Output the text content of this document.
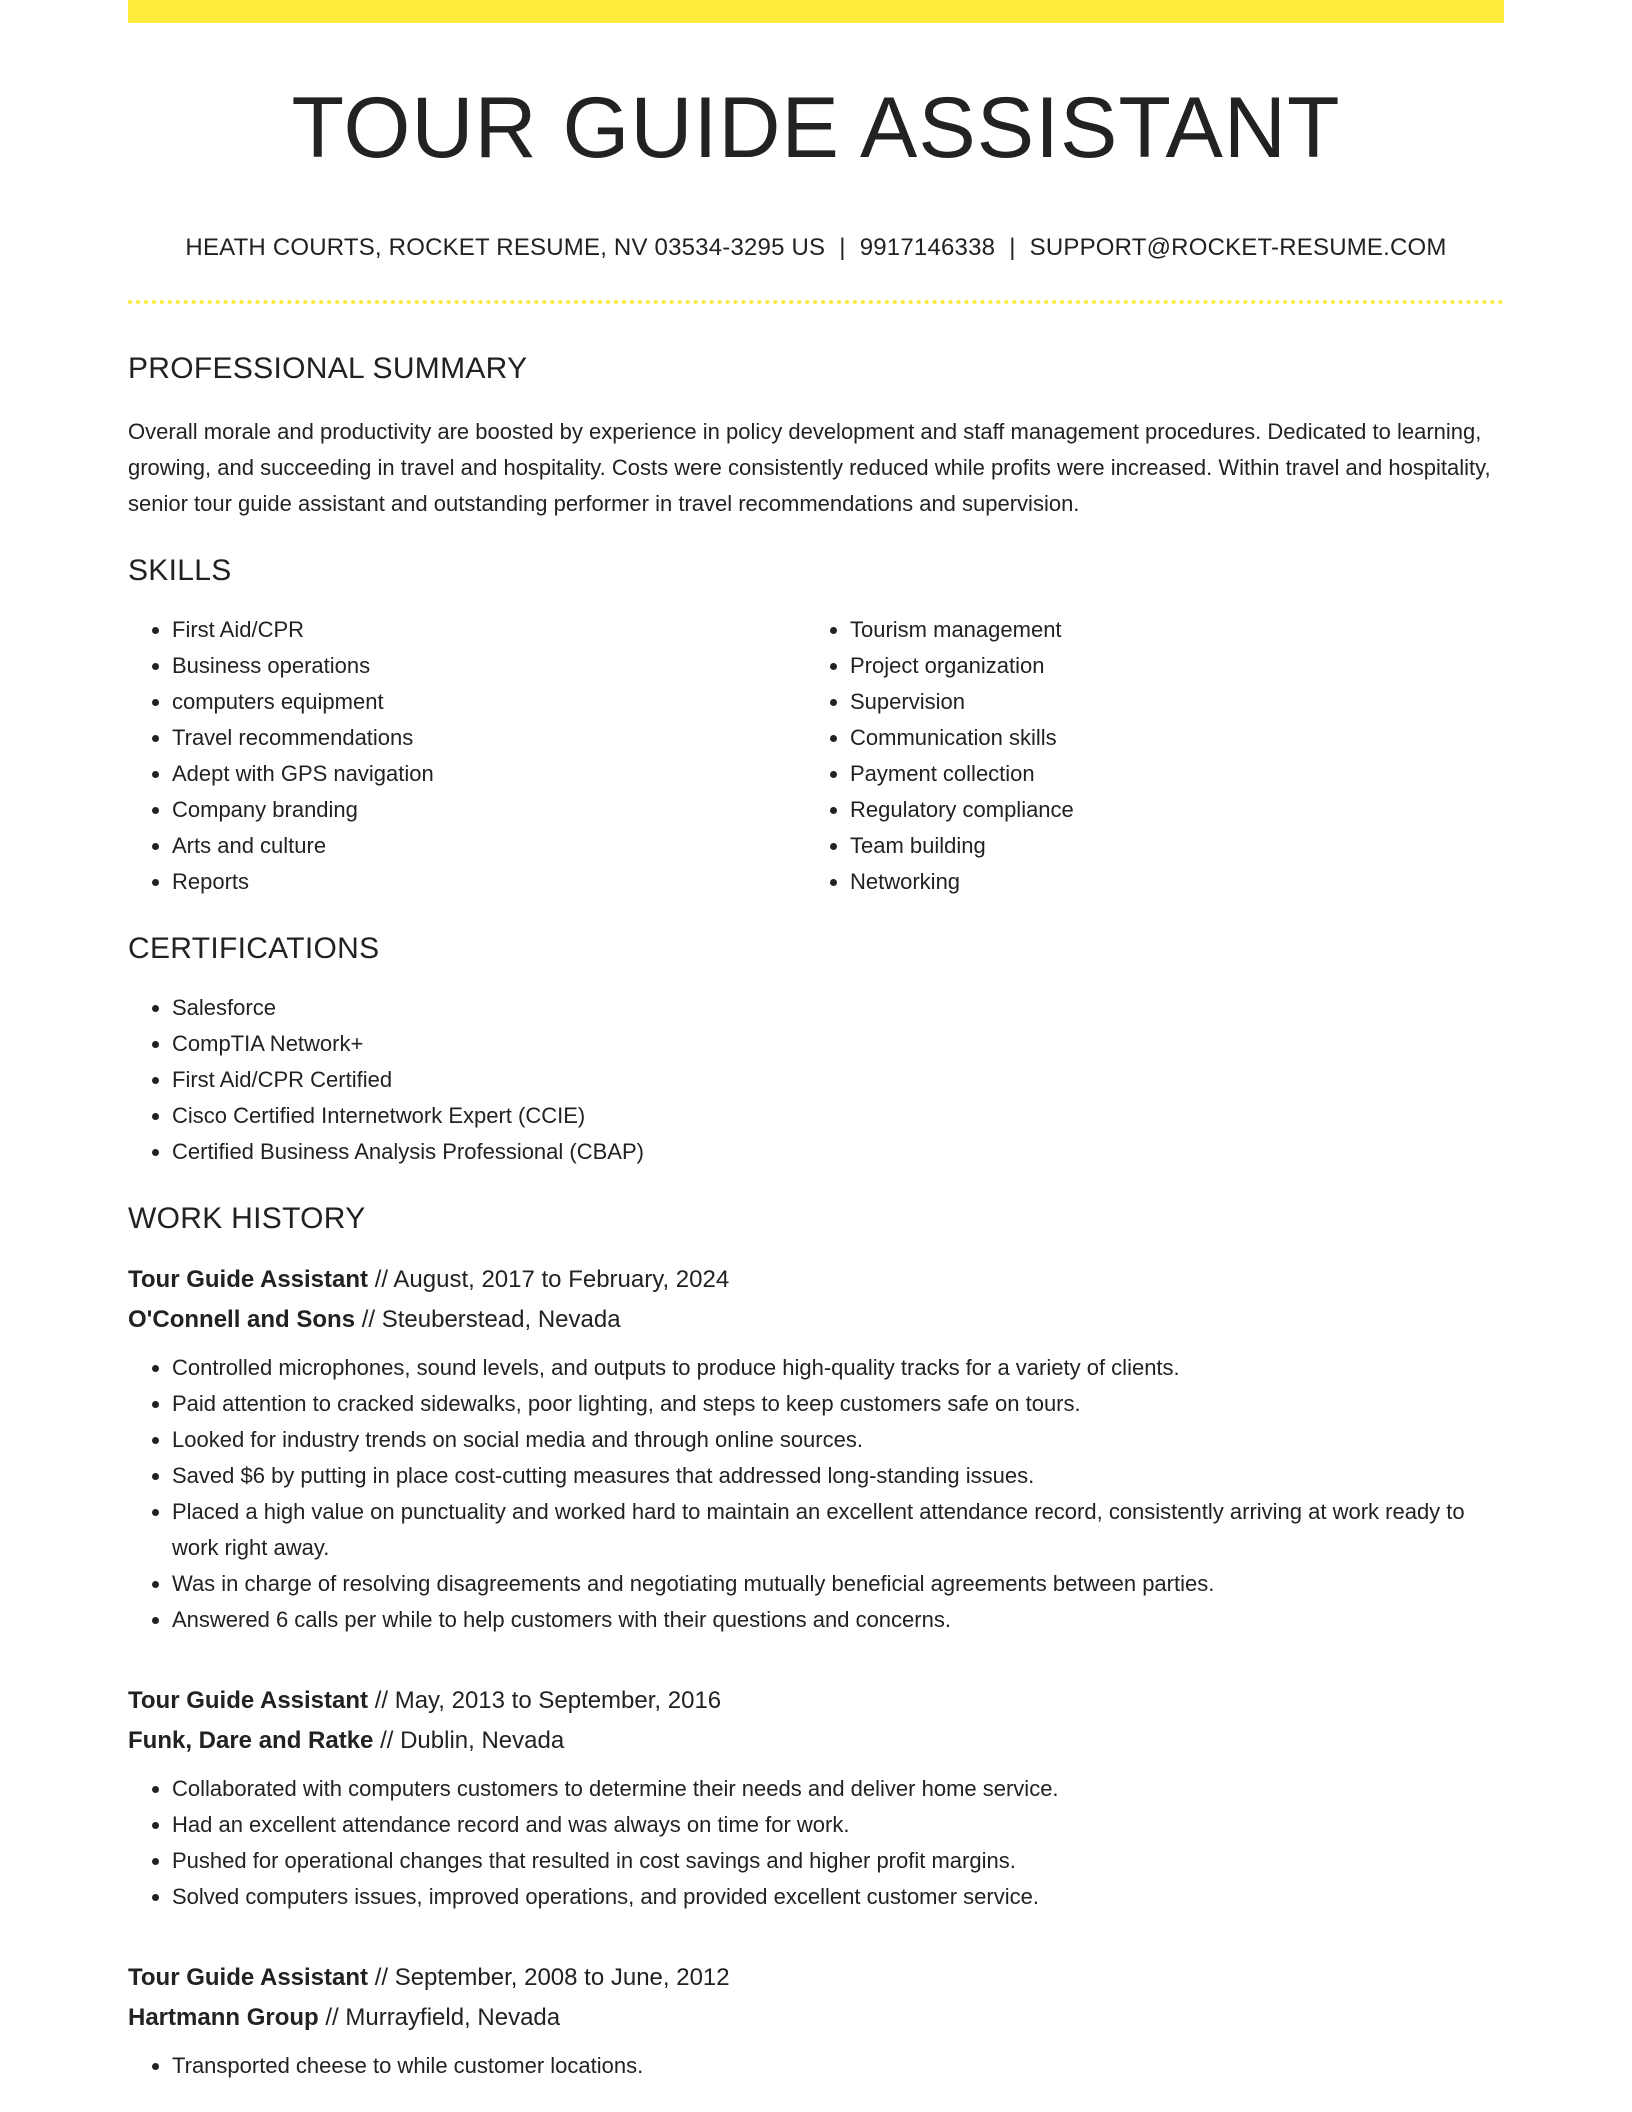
TOUR GUIDE ASSISTANT
HEATH COURTS, ROCKET RESUME, NV 03534-3295 US | 9917146338 | SUPPORT@ROCKET-RESUME.COM
PROFESSIONAL SUMMARY

Overall morale and productivity are boosted by experience in policy development and staff management procedures. Dedicated to learning, growing, and succeeding in travel and hospitality. Costs were consistently reduced while profits were increased. Within travel and hospitality, senior tour guide assistant and outstanding performer in travel recommendations and supervision.

SKILLS
• First Aid/CPR
• Business operations
• computers equipment
• Travel recommendations
• Adept with GPS navigation
• Company branding
• Arts and culture
• Reports
• Tourism management
• Project organization
• Supervision
• Communication skills
• Payment collection
• Regulatory compliance
• Team building
• Networking
CERTIFICATIONS
• Salesforce
• CompTIA Network+
• First Aid/CPR Certified
• Cisco Certified Internetwork Expert (CCIE)
• Certified Business Analysis Professional (CBAP)
WORK HISTORY
Tour Guide Assistant // August, 2017 to February, 2024
O'Connell and Sons // Steuberstead, Nevada
• Controlled microphones, sound levels, and outputs to produce high-quality tracks for a variety of clients.
• Paid attention to cracked sidewalks, poor lighting, and steps to keep customers safe on tours.
• Looked for industry trends on social media and through online sources.
• Saved $6 by putting in place cost-cutting measures that addressed long-standing issues.
• Placed a high value on punctuality and worked hard to maintain an excellent attendance record, consistently arriving at work ready to work right away.
• Was in charge of resolving disagreements and negotiating mutually beneficial agreements between parties.
• Answered 6 calls per while to help customers with their questions and concerns.
Tour Guide Assistant // May, 2013 to September, 2016
Funk, Dare and Ratke // Dublin, Nevada
• Collaborated with computers customers to determine their needs and deliver home service.
• Had an excellent attendance record and was always on time for work.
• Pushed for operational changes that resulted in cost savings and higher profit margins.
• Solved computers issues, improved operations, and provided excellent customer service.
Tour Guide Assistant // September, 2008 to June, 2012
Hartmann Group // Murrayfield, Nevada
• Transported cheese to while customer locations.
